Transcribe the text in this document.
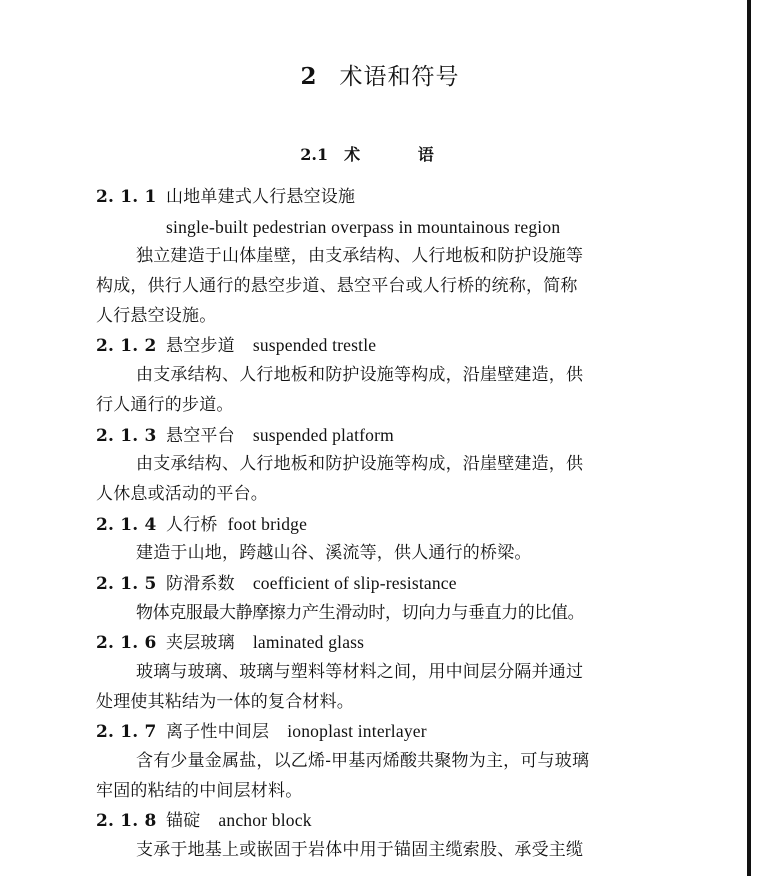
2 术语和符号
2.1 术 语
2. 1. 1 山地单建式人行悬空设施
single-built pedestrian overpass in mountainous region
独立建造于山体崖壁，由支承结构、人行地板和防护设施等
构成，供行人通行的悬空步道、悬空平台或人行桥的统称，简称
人行悬空设施。
2. 1. 2 悬空步道 suspended trestle
由支承结构、人行地板和防护设施等构成，沿崖壁建造，供
行人通行的步道。
2. 1. 3 悬空平台 suspended platform
由支承结构、人行地板和防护设施等构成，沿崖壁建造，供
人休息或活动的平台。
2. 1. 4 人行桥 foot bridge
建造于山地，跨越山谷、溪流等，供人通行的桥梁。
2. 1. 5 防滑系数 coefficient of slip-resistance
物体克服最大静摩擦力产生滑动时，切向力与垂直力的比值。
2. 1. 6 夹层玻璃 laminated glass
玻璃与玻璃、玻璃与塑料等材料之间，用中间层分隔并通过
处理使其粘结为一体的复合材料。
2. 1. 7 离子性中间层 ionoplast interlayer
含有少量金属盐，以乙烯-甲基丙烯酸共聚物为主，可与玻璃
牢固的粘结的中间层材料。
2. 1. 8 锚碇 anchor block
支承于地基上或嵌固于岩体中用于锚固主缆索股、承受主缆
